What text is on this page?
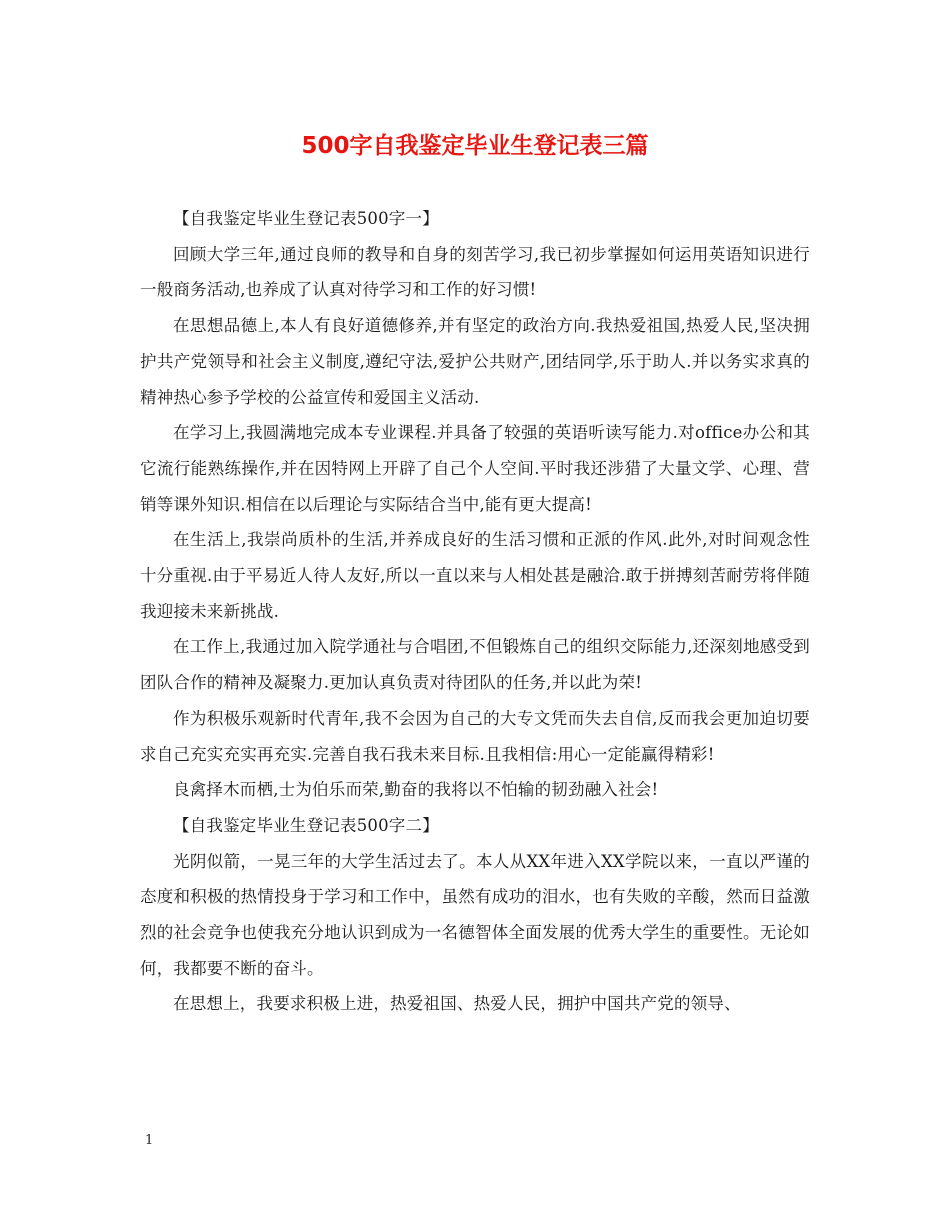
500字自我鉴定毕业生登记表三篇

【自我鉴定毕业生登记表500字一】

回顾大学三年,通过良师的教导和自身的刻苦学习,我已初步掌握如何运用英语知识进行一般商务活动,也养成了认真对待学习和工作的好习惯!

在思想品德上,本人有良好道德修养,并有坚定的政治方向.我热爱祖国,热爱人民,坚决拥护共产党领导和社会主义制度,遵纪守法,爱护公共财产,团结同学,乐于助人.并以务实求真的精神热心参予学校的公益宣传和爱国主义活动.

在学习上,我圆满地完成本专业课程.并具备了较强的英语听读写能力.对office办公和其它流行能熟练操作,并在因特网上开辟了自己个人空间.平时我还涉猎了大量文学、心理、营销等课外知识.相信在以后理论与实际结合当中,能有更大提高!

在生活上,我崇尚质朴的生活,并养成良好的生活习惯和正派的作风.此外,对时间观念性十分重视.由于平易近人待人友好,所以一直以来与人相处甚是融洽.敢于拼搏刻苦耐劳将伴随我迎接未来新挑战.

在工作上,我通过加入院学通社与合唱团,不但锻炼自己的组织交际能力,还深刻地感受到团队合作的精神及凝聚力.更加认真负责对待团队的任务,并以此为荣!

作为积极乐观新时代青年,我不会因为自己的大专文凭而失去自信,反而我会更加迫切要求自己充实充实再充实.完善自我石我未来目标.且我相信:用心一定能赢得精彩!

良禽择木而栖,士为伯乐而荣,勤奋的我将以不怕输的韧劲融入社会!

【自我鉴定毕业生登记表500字二】

光阴似箭，一晃三年的大学生活过去了。本人从XX年进入XX学院以来，一直以严谨的态度和积极的热情投身于学习和工作中，虽然有成功的泪水，也有失败的辛酸，然而日益激烈的社会竞争也使我充分地认识到成为一名德智体全面发展的优秀大学生的重要性。无论如何，我都要不断的奋斗。

在思想上，我要求积极上进，热爱祖国、热爱人民，拥护中国共产党的领导、

1
